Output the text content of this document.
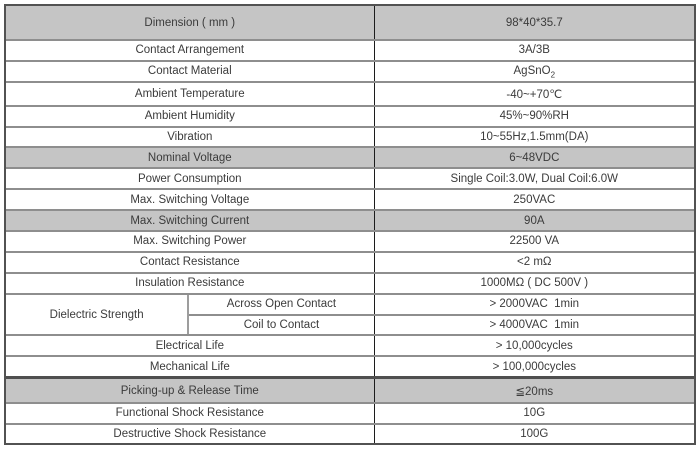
Dimension ( mm )		98*40*35.7
Contact Arrangement		3A/3B
Contact Material		AgSnO$_2$
Ambient Temperature		-40~+70℃
Ambient Humidity		45%~90%RH
Vibration		10~55Hz,1.5mm(DA)
Nominal Voltage		6~48VDC
Power Consumption		Single Coil:3.0W, Dual Coil:6.0W
Max. Switching Voltage		250VAC
Max. Switching Current		90A
Max. Switching Power		22500 VA
Contact Resistance		<2 mΩ
Insulation Resistance		1000MΩ ( DC 500V )
Dielectric Strength	Across Open Contact	> 2000VAC  1min
	Coil to Contact	> 4000VAC  1min
Electrical Life		> 10,000cycles
Mechanical Life		> 100,000cycles
Picking-up & Release Time		≦20ms
Functional Shock Resistance		10G
Destructive Shock Resistance		100G
